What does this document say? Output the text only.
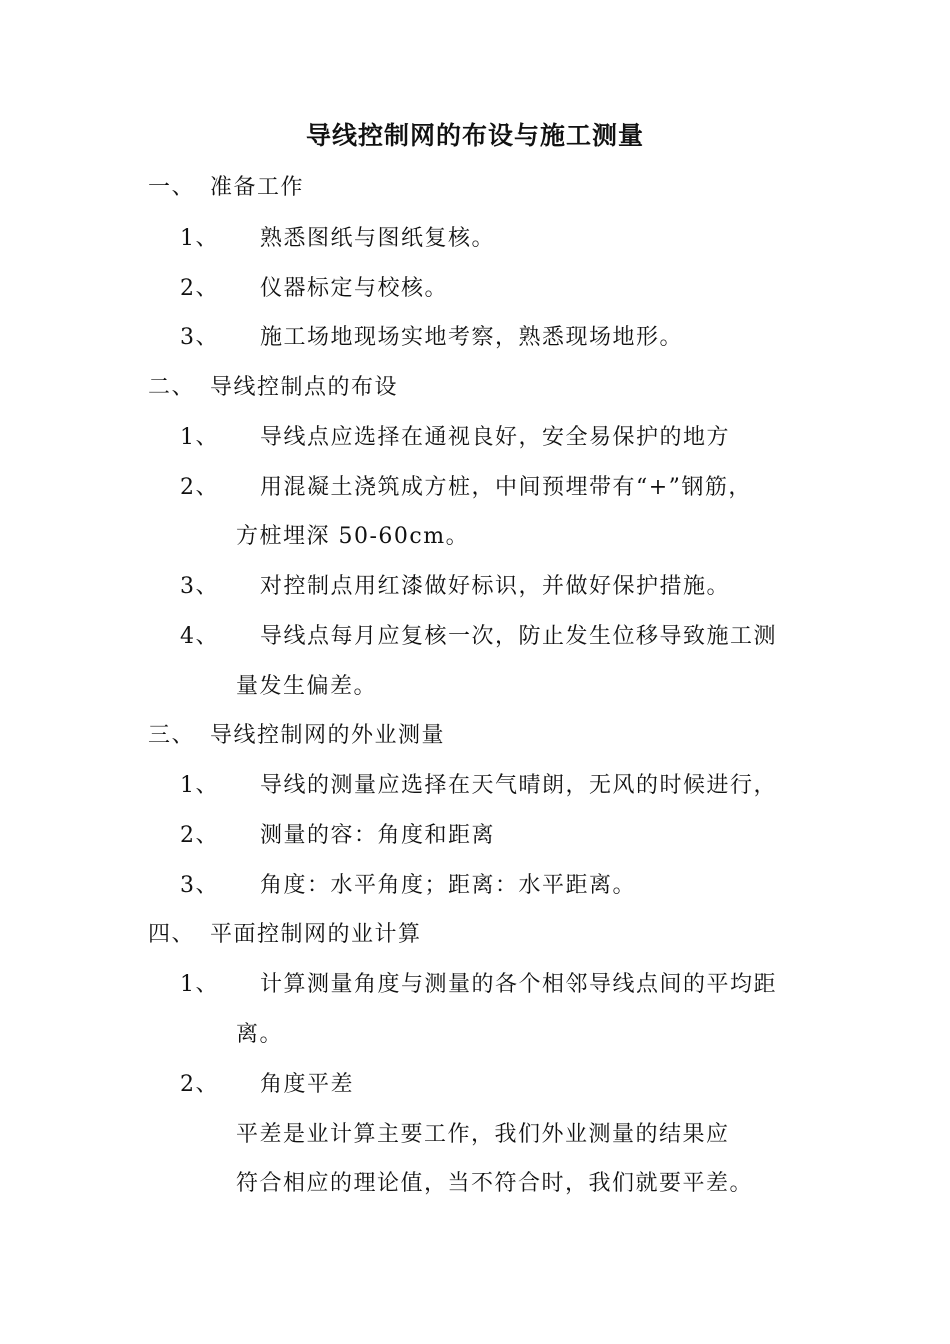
导线控制网的布设与施工测量
一、 准备工作
1、 熟悉图纸与图纸复核。
2、 仪器标定与校核。
3、 施工场地现场实地考察，熟悉现场地形。
二、 导线控制点的布设
1、 导线点应选择在通视良好，安全易保护的地方
2、 用混凝土浇筑成方桩，中间预埋带有“+”钢筋，
方桩埋深 50-60cm。
3、 对控制点用红漆做好标识，并做好保护措施。
4、 导线点每月应复核一次，防止发生位移导致施工测
量发生偏差。
三、 导线控制网的外业测量
1、 导线的测量应选择在天气晴朗，无风的时候进行，
2、 测量的容：角度和距离
3、 角度：水平角度；距离：水平距离。
四、 平面控制网的业计算
1、 计算测量角度与测量的各个相邻导线点间的平均距
离。
2、 角度平差
平差是业计算主要工作，我们外业测量的结果应
符合相应的理论值，当不符合时，我们就要平差。
